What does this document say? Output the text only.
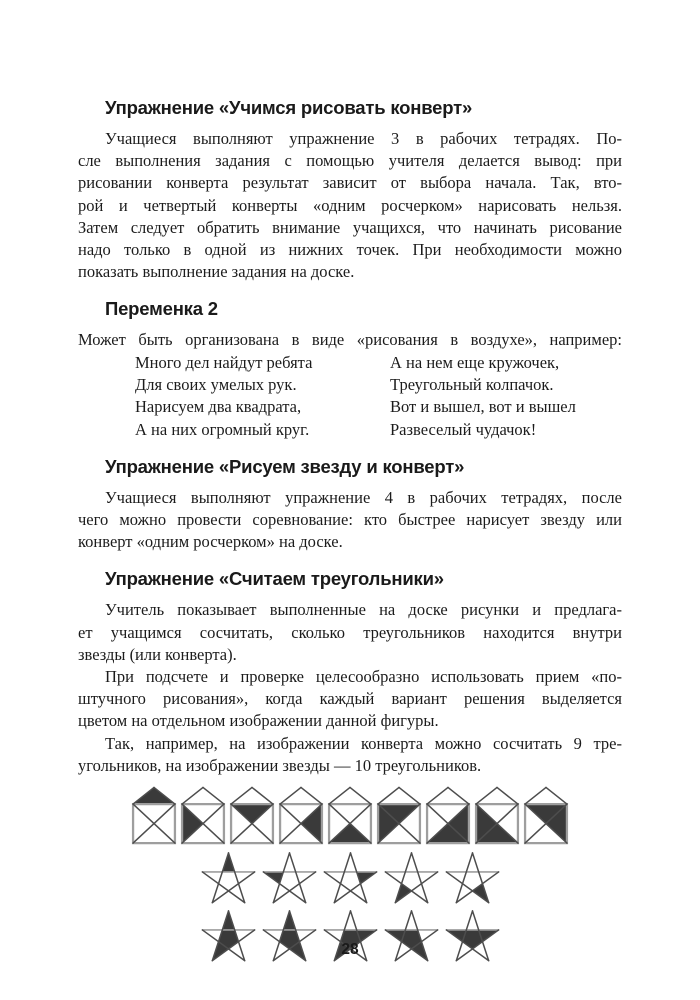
Упражнение «Учимся рисовать конверт»
Учащиеся выполняют упражнение 3 в рабочих тетрадях. По-
сле выполнения задания с помощью учителя делается вывод: при
рисовании конверта результат зависит от выбора начала. Так, вто-
рой и четвертый конверты «одним росчерком» нарисовать нельзя.
Затем следует обратить внимание учащихся, что начинать рисование
надо только в одной из нижних точек. При необходимости можно
показать выполнение задания на доске.
Переменка 2
Может быть организована в виде «рисования в воздухе», например:
Много дел найдут ребята
Для своих умелых рук.
Нарисуем два квадрата,
А на них огромный круг.
А на нем еще кружочек,
Треугольный колпачок.
Вот и вышел, вот и вышел
Развеселый чудачок!
Упражнение «Рисуем звезду и конверт»
Учащиеся выполняют упражнение 4 в рабочих тетрадях, после
чего можно провести соревнование: кто быстрее нарисует звезду или
конверт «одним росчерком» на доске.
Упражнение «Считаем треугольники»
Учитель показывает выполненные на доске рисунки и предлага-
ет учащимся сосчитать, сколько треугольников находится внутри
звезды (или конверта).
При подсчете и проверке целесообразно использовать прием «по-
штучного рисования», когда каждый вариант решения выделяется
цветом на отдельном изображении данной фигуры.
Так, например, на изображении конверта можно сосчитать 9 тре-
угольников, на изображении звезды — 10 треугольников.
28
